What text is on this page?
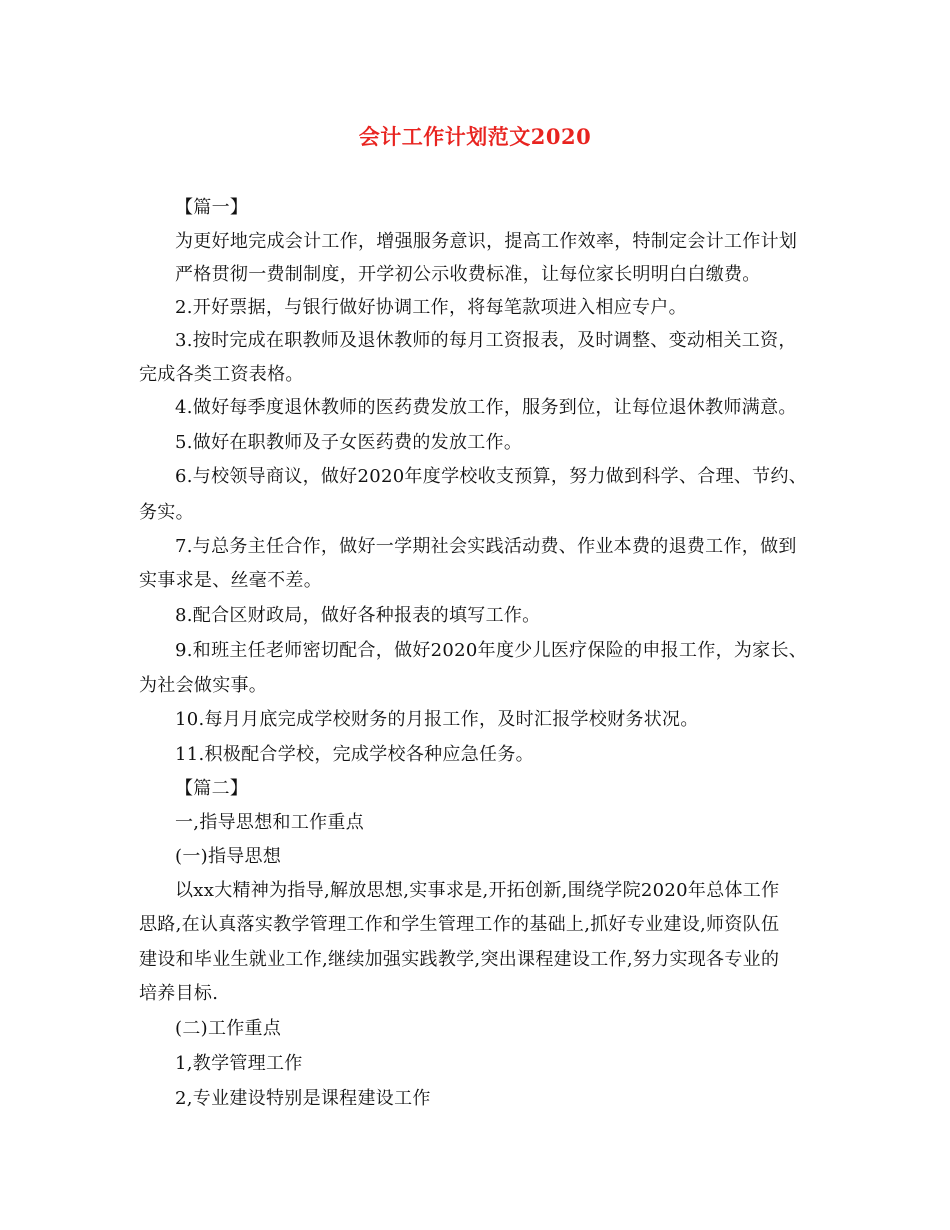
会计工作计划范文2020
【篇一】
为更好地完成会计工作，增强服务意识，提高工作效率，特制定会计工作计划
严格贯彻一费制制度，开学初公示收费标准，让每位家长明明白白缴费。
2.开好票据，与银行做好协调工作，将每笔款项进入相应专户。
3.按时完成在职教师及退休教师的每月工资报表，及时调整、变动相关工资，
完成各类工资表格。
4.做好每季度退休教师的医药费发放工作，服务到位，让每位退休教师满意。
5.做好在职教师及子女医药费的发放工作。
6.与校领导商议，做好2020年度学校收支预算，努力做到科学、合理、节约、
务实。
7.与总务主任合作，做好一学期社会实践活动费、作业本费的退费工作，做到
实事求是、丝毫不差。
8.配合区财政局，做好各种报表的填写工作。
9.和班主任老师密切配合，做好2020年度少儿医疗保险的申报工作，为家长、
为社会做实事。
10.每月月底完成学校财务的月报工作，及时汇报学校财务状况。
11.积极配合学校，完成学校各种应急任务。
【篇二】
一,指导思想和工作重点
(一)指导思想
以xx大精神为指导,解放思想,实事求是,开拓创新,围绕学院2020年总体工作
思路,在认真落实教学管理工作和学生管理工作的基础上,抓好专业建设,师资队伍
建设和毕业生就业工作,继续加强实践教学,突出课程建设工作,努力实现各专业的
培养目标.
(二)工作重点
1,教学管理工作
2,专业建设特别是课程建设工作
